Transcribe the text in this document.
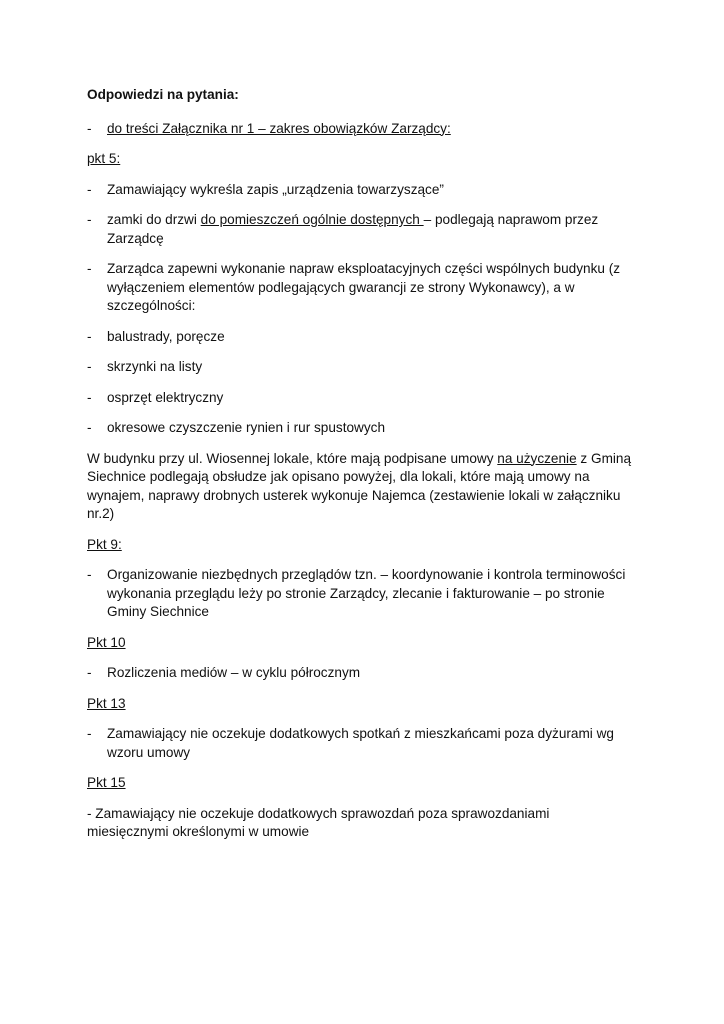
Odpowiedzi na pytania:
- do treści Załącznika nr 1 – zakres obowiązków Zarządcy:
pkt 5:
- Zamawiający wykreśla zapis „urządzenia towarzyszące”
- zamki do drzwi do pomieszczeń ogólnie dostępnych – podlegają naprawom przez Zarządcę
- Zarządca zapewni wykonanie napraw eksploatacyjnych części wspólnych budynku (z wyłączeniem elementów podlegających gwarancji ze strony Wykonawcy), a w szczególności:
- balustrady, poręcze
- skrzynki na listy
- osprzęt elektryczny
- okresowe czyszczenie rynien i rur spustowych
W budynku przy ul. Wiosennej lokale, które mają podpisane umowy na użyczenie z Gminą Siechnice podlegają obsłudze jak opisano powyżej, dla lokali, które mają umowy na wynajem, naprawy drobnych usterek wykonuje Najemca (zestawienie lokali w załączniku nr.2)
Pkt 9:
- Organizowanie niezbędnych przeglądów tzn. – koordynowanie i kontrola terminowości wykonania przeglądu leży po stronie Zarządcy, zlecanie i fakturowanie – po stronie Gminy Siechnice
Pkt 10
- Rozliczenia mediów – w cyklu półrocznym
Pkt 13
- Zamawiający nie oczekuje dodatkowych spotkań z mieszkańcami poza dyżurami wg wzoru umowy
Pkt 15
- Zamawiający nie oczekuje dodatkowych sprawozdań poza sprawozdaniami miesięcznymi określonymi w umowie
